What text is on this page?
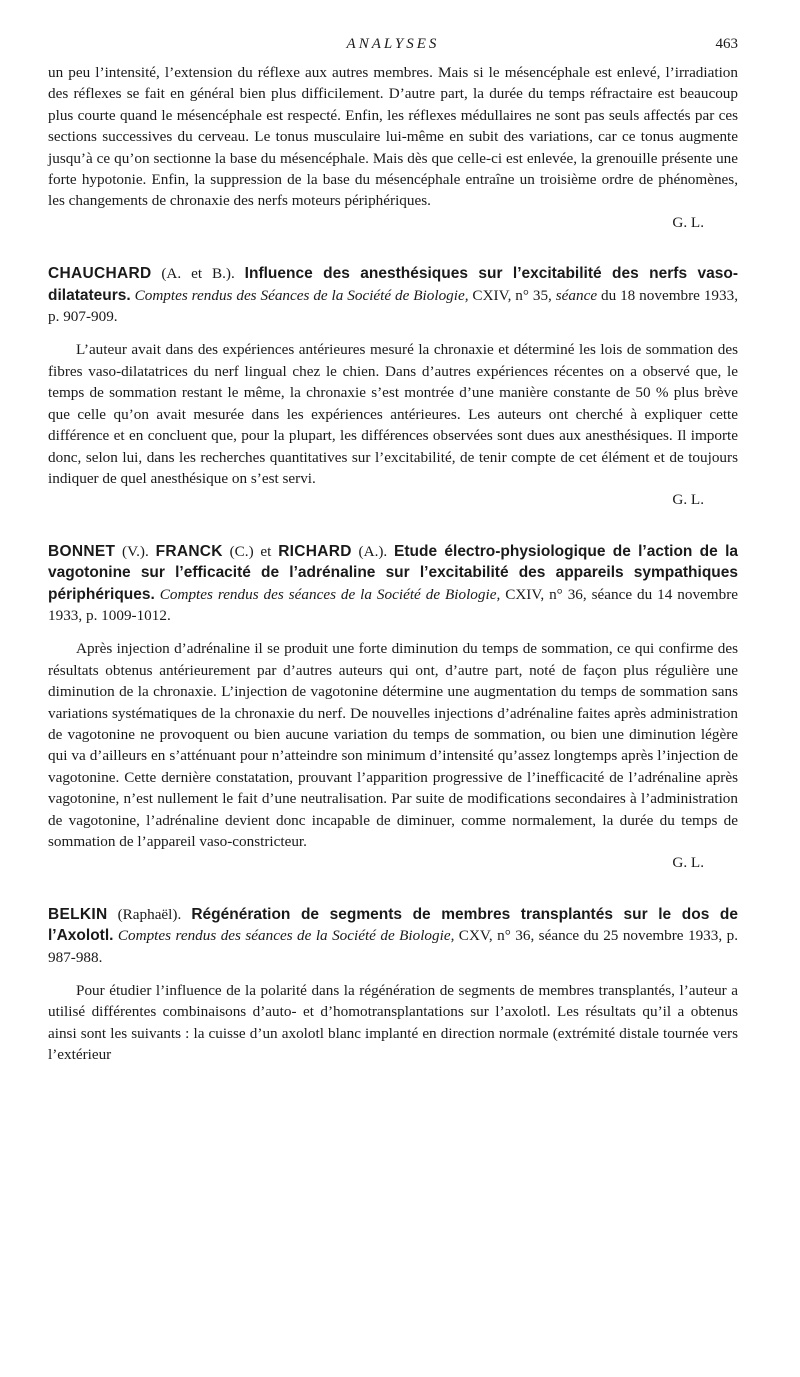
ANALYSES	463

un peu l’intensité, l’extension du réflexe aux autres membres. Mais si le mésencéphale est enlevé, l’irradiation des réflexes se fait en général bien plus difficilement. D’autre part, la durée du temps réfractaire est beaucoup plus courte quand le mésencéphale est respecté. Enfin, les réflexes médullaires ne sont pas seuls affectés par ces sections successives du cerveau. Le tonus musculaire lui-même en subit des variations, car ce tonus augmente jusqu’à ce qu’on sectionne la base du mésencéphale. Mais dès que celle-ci est enlevée, la grenouille présente une forte hypotonie. Enfin, la suppression de la base du mésencéphale entraîne un troisième ordre de phénomènes, les changements de chronaxie des nerfs moteurs périphériques.

G. L.

CHAUCHARD (A. et B.). Influence des anesthésiques sur l’excitabilité des nerfs vaso-dilatateurs. Comptes rendus des Séances de la Société de Biologie, CXIV, n° 35, séance du 18 novembre 1933, p. 907-909.

L’auteur avait dans des expériences antérieures mesuré la chronaxie et déterminé les lois de sommation des fibres vaso-dilatatrices du nerf lingual chez le chien. Dans d’autres expériences récentes on a observé que, le temps de sommation restant le même, la chronaxie s’est montrée d’une manière constante de 50 % plus brève que celle qu’on avait mesurée dans les expériences antérieures. Les auteurs ont cherché à expliquer cette différence et en concluent que, pour la plupart, les différences observées sont dues aux anesthésiques. Il importe donc, selon lui, dans les recherches quantitatives sur l’excitabilité, de tenir compte de cet élément et de toujours indiquer de quel anesthésique on s’est servi.

G. L.

BONNET (V.). FRANCK (C.) et RICHARD (A.). Etude électro-physiologique de l’action de la vagotonine sur l’efficacité de l’adrénaline sur l’excitabilité des appareils sympathiques périphériques. Comptes rendus des séances de la Société de Biologie, CXIV, n° 36, séance du 14 novembre 1933, p. 1009-1012.

Après injection d’adrénaline il se produit une forte diminution du temps de sommation, ce qui confirme des résultats obtenus antérieurement par d’autres auteurs qui ont, d’autre part, noté de façon plus régulière une diminution de la chronaxie. L’injection de vagotonine détermine une augmentation du temps de sommation sans variations systématiques de la chronaxie du nerf. De nouvelles injections d’adrénaline faites après administration de vagotonine ne provoquent ou bien aucune variation du temps de sommation, ou bien une diminution légère qui va d’ailleurs en s’atténuant pour n’atteindre son minimum d’intensité qu’assez longtemps après l’injection de vagotonine. Cette dernière constatation, prouvant l’apparition progressive de l’inefficacité de l’adrénaline après vagotonine, n’est nullement le fait d’une neutralisation. Par suite de modifications secondaires à l’administration de vagotonine, l’adrénaline devient donc incapable de diminuer, comme normalement, la durée du temps de sommation de l’appareil vaso-constricteur.

G. L.

BELKIN (Raphaël). Régénération de segments de membres transplantés sur le dos de l’Axolotl. Comptes rendus des séances de la Société de Biologie, CXV, n° 36, séance du 25 novembre 1933, p. 987-988.

Pour étudier l’influence de la polarité dans la régénération de segments de membres transplantés, l’auteur a utilisé différentes combinaisons d’auto- et d’homotransplantations sur l’axolotl. Les résultats qu’il a obtenus ainsi sont les suivants : la cuisse d’un axolotl blanc implanté en direction normale (extrémité distale tournée vers l’extérieur
